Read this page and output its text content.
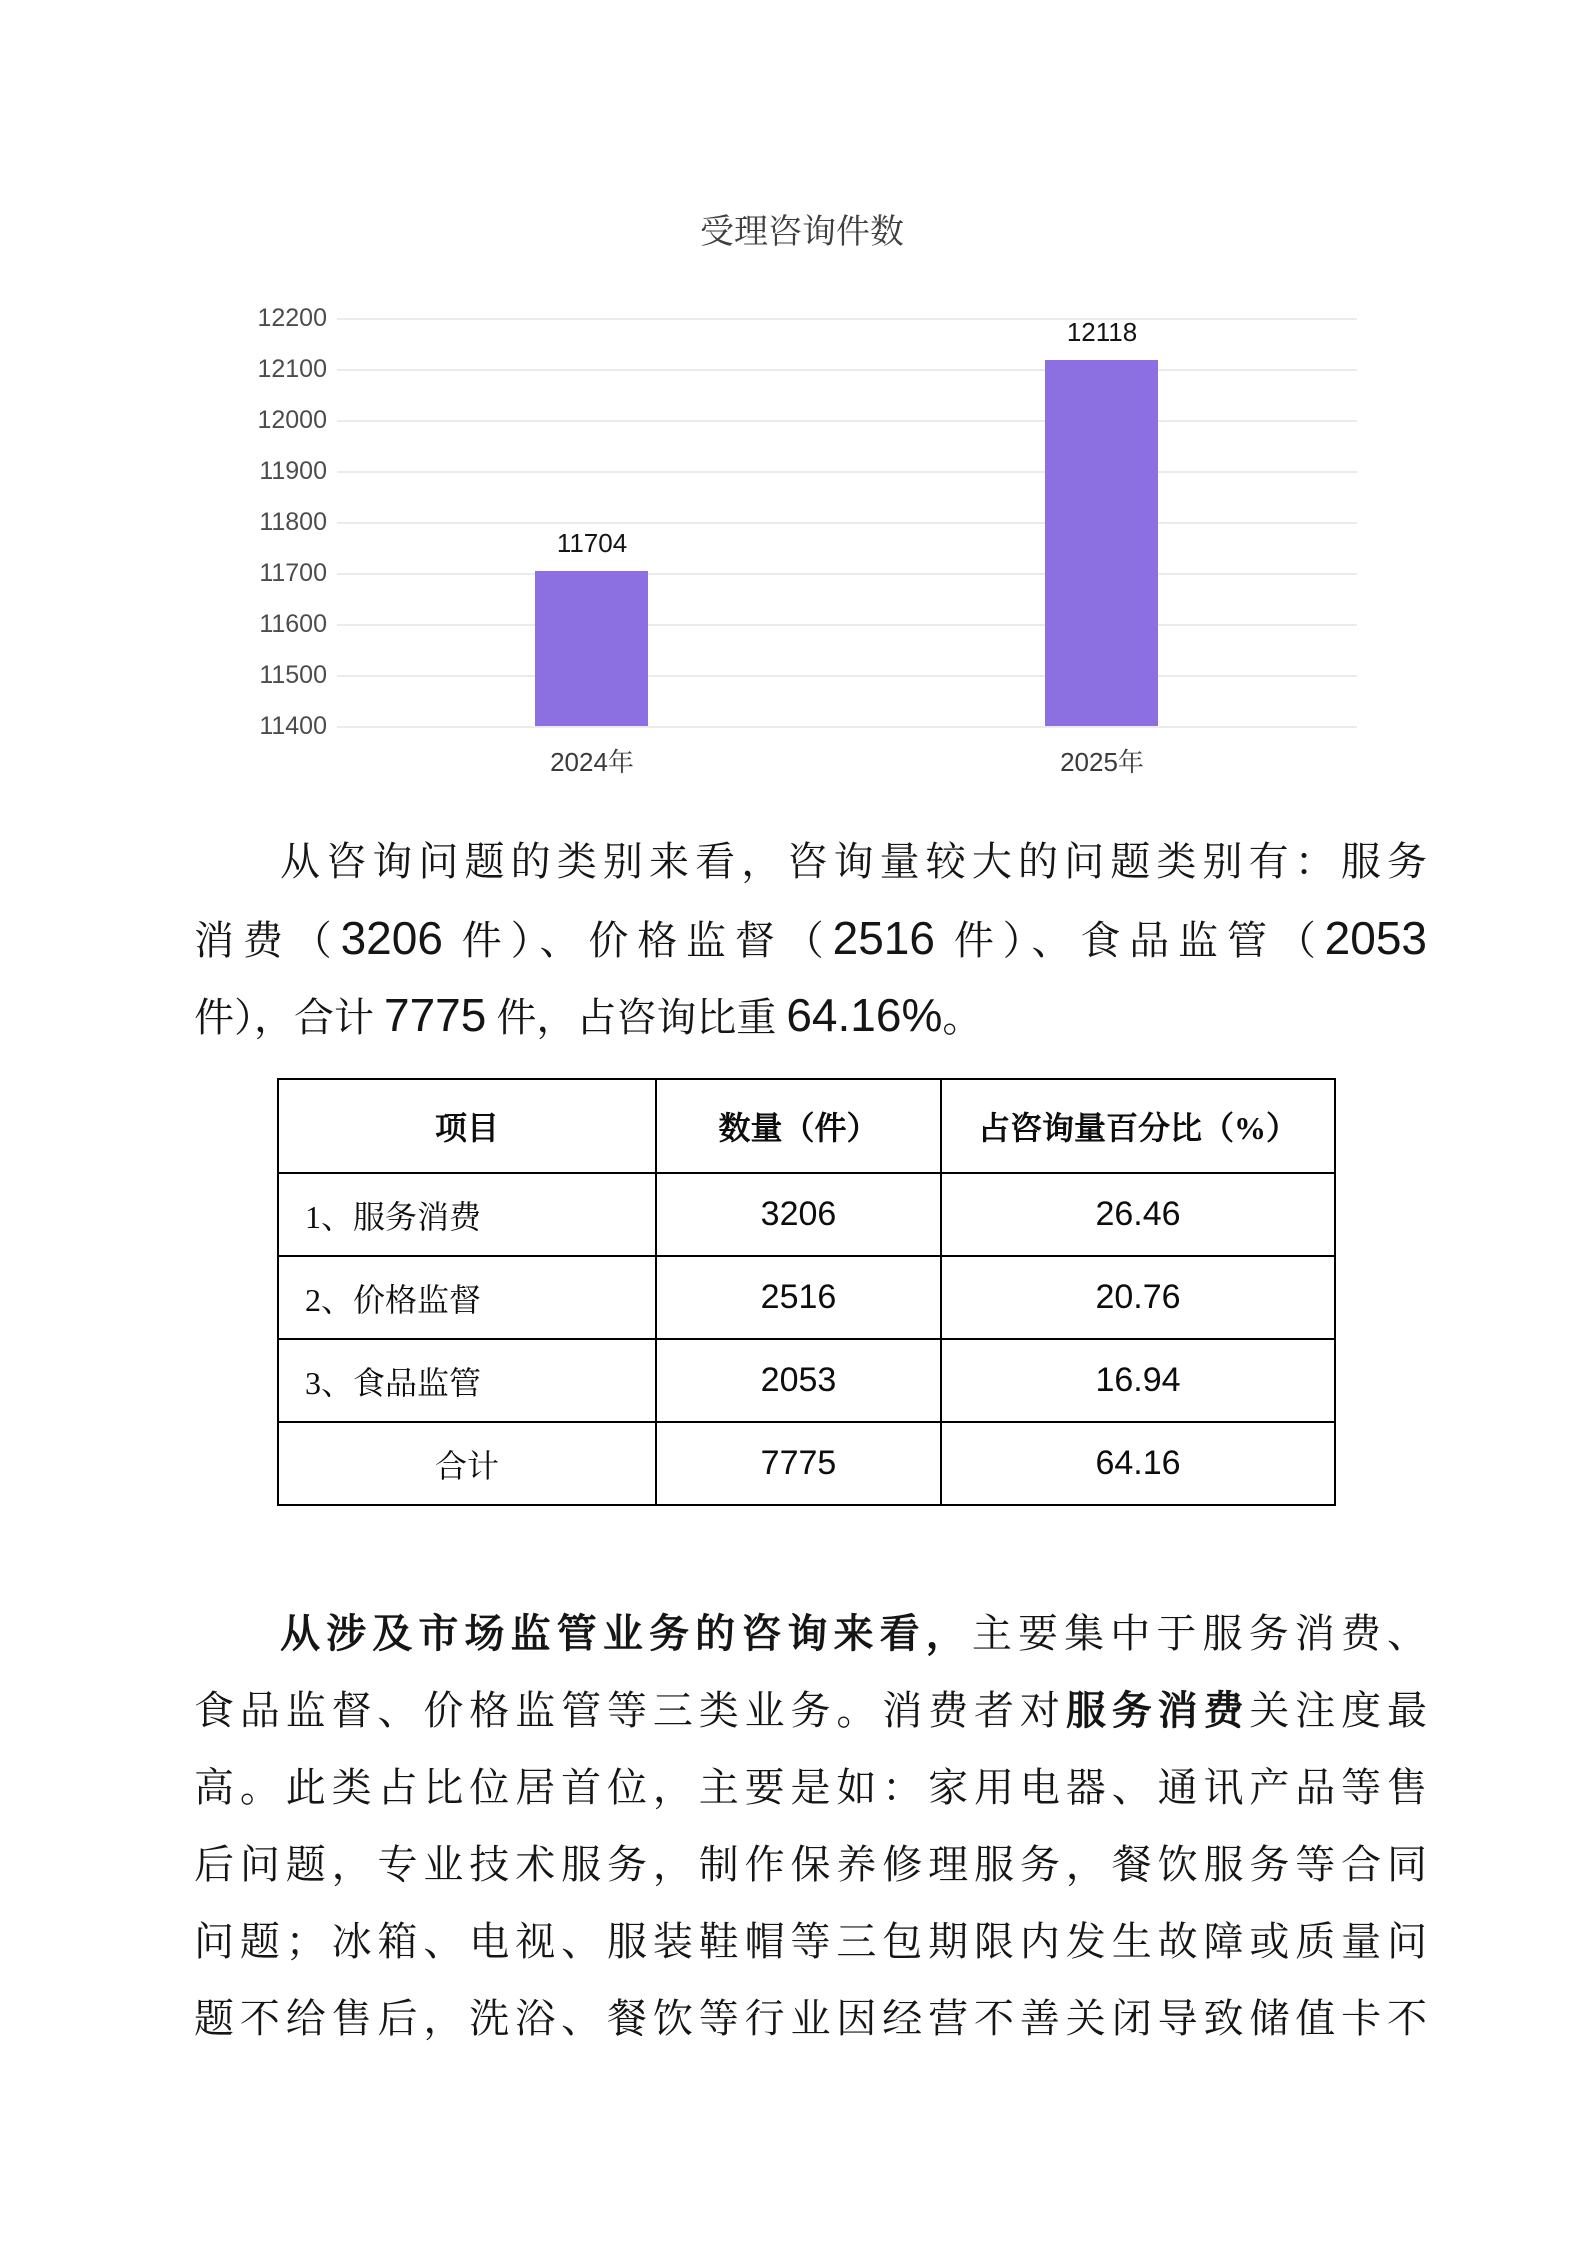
受理咨询件数
12200
12100
12000
11900
11800
11700
11600
11500
11400
11704
2024年
12118
2025年
从咨询问题的类别来看，咨询量较大的问题类别有：服务
消费（3206 件）、价格监督（2516 件）、食品监管（2053
件），合计 7775 件，占咨询比重 64.16%。
项目	数量（件）	占咨询量百分比（%）
1、服务消费	3206	26.46
2、价格监督	2516	20.76
3、食品监管	2053	16.94
合计	7775	64.16
从涉及市场监管业务的咨询来看，主要集中于服务消费、
食品监督、价格监管等三类业务。消费者对服务消费关注度最
高。此类占比位居首位，主要是如：家用电器、通讯产品等售
后问题，专业技术服务，制作保养修理服务，餐饮服务等合同
问题；冰箱、电视、服装鞋帽等三包期限内发生故障或质量问
题不给售后，洗浴、餐饮等行业因经营不善关闭导致储值卡不
